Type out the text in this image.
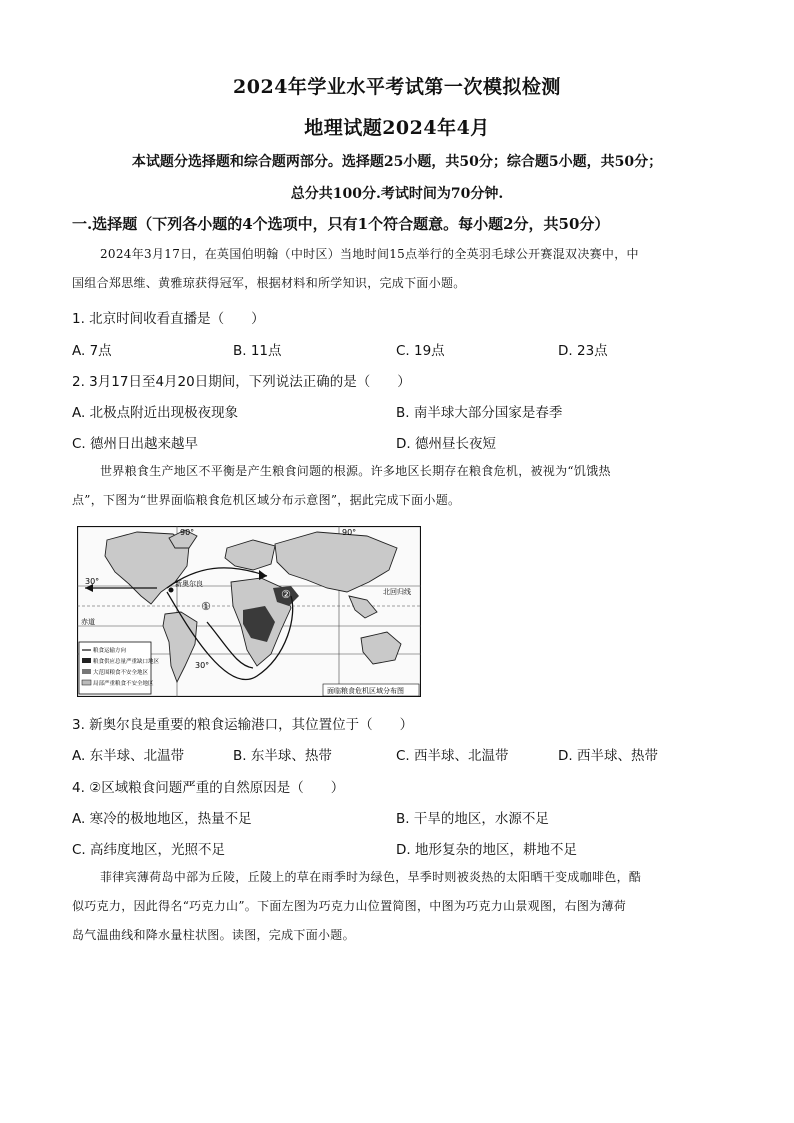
2024年学业水平考试第一次模拟检测
地理试题2024年4月
本试题分选择题和综合题两部分。选择题25小题，共50分；综合题5小题，共50分；
总分共100分.考试时间为70分钟.
一.选择题（下列各小题的4个选项中，只有1个符合题意。每小题2分，共50分）
2024年3月17日，在英国伯明翰（中时区）当地时间15点举行的全英羽毛球公开赛混双决赛中，中
国组合郑思维、黄雅琼获得冠军，根据材料和所学知识，完成下面小题。
1. 北京时间收看直播是（　　）
A. 7点	B. 11点	C. 19点	D. 23点
2. 3月17日至4月20日期间，下列说法正确的是（　　）
A. 北极点附近出现极夜现象	B. 南半球大部分国家是春季
C. 德州日出越来越早	D. 德州昼长夜短
世界粮食生产地区不平衡是产生粮食问题的根源。许多地区长期存在粮食危机，被视为“饥饿热
点”，下图为“世界面临粮食危机区域分布示意图”，据此完成下面小题。
30°
赤道
30°
90°	90°
北回归线
新奥尔良
①
②
粮食运输方向
粮食供应总量严重缺口地区
大范围粮食不安全地区
局部严重粮食不安全地区
面临粮食危机区域分布图
3. 新奥尔良是重要的粮食运输港口，其位置位于（　　）
A. 东半球、北温带	B. 东半球、热带	C. 西半球、北温带	D. 西半球、热带
4. ②区域粮食问题严重的自然原因是（　　）
A. 寒冷的极地地区，热量不足	B. 干旱的地区，水源不足
C. 高纬度地区，光照不足	D. 地形复杂的地区，耕地不足
菲律宾薄荷岛中部为丘陵，丘陵上的草在雨季时为绿色，旱季时则被炎热的太阳晒干变成咖啡色，酷
似巧克力，因此得名“巧克力山”。下面左图为巧克力山位置简图，中图为巧克力山景观图，右图为薄荷
岛气温曲线和降水量柱状图。读图，完成下面小题。
